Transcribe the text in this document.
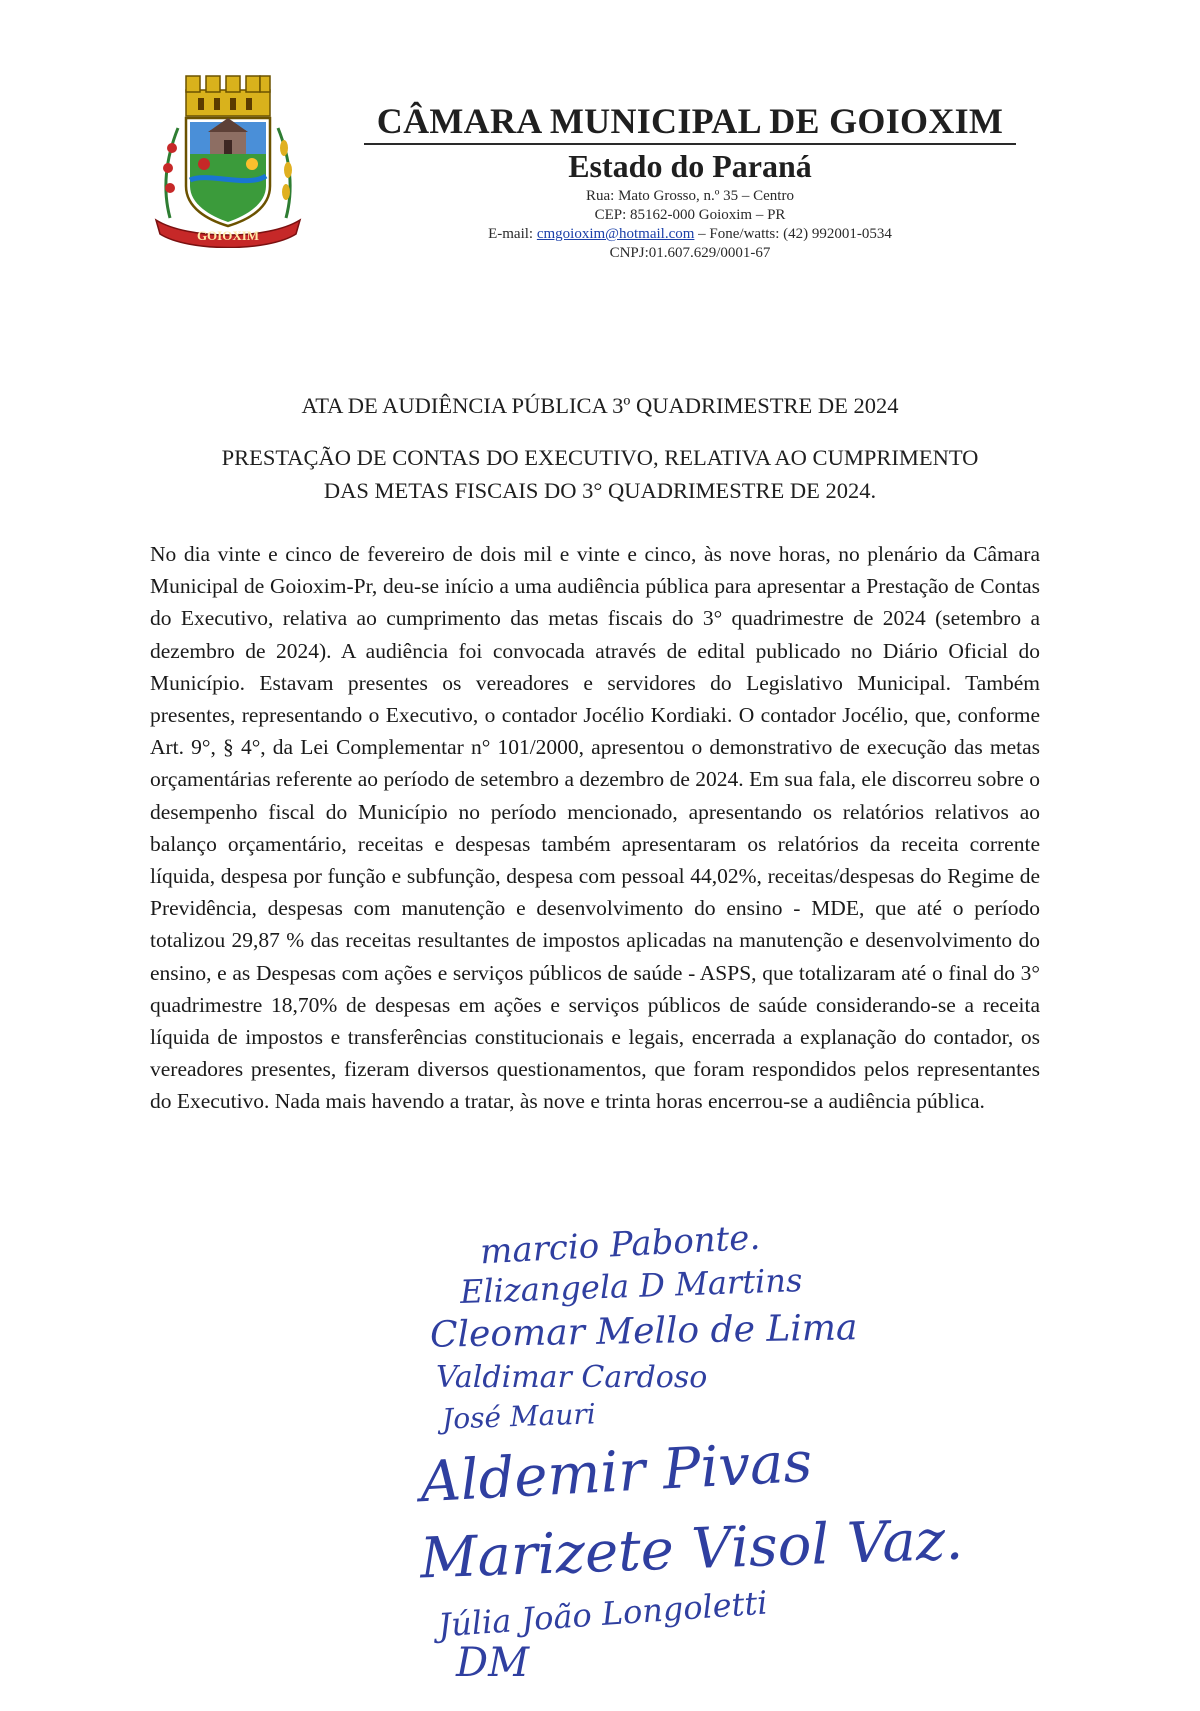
GOIOXIM
CÂMARA MUNICIPAL DE GOIOXIM
Estado do Paraná
Rua: Mato Grosso, n.º 35 – Centro
CEP: 85162-000 Goioxim – PR
E-mail: cmgoioxim@hotmail.com – Fone/watts: (42) 992001-0534
CNPJ:01.607.629/0001-67
ATA DE AUDIÊNCIA PÚBLICA 3º QUADRIMESTRE DE 2024
PRESTAÇÃO DE CONTAS DO EXECUTIVO, RELATIVA AO CUMPRIMENTO
DAS METAS FISCAIS DO 3° QUADRIMESTRE DE 2024.
No dia vinte e cinco de fevereiro de dois mil e vinte e cinco, às nove horas, no plenário da Câmara Municipal de Goioxim-Pr, deu-se início a uma audiência pública para apresentar a Prestação de Contas do Executivo, relativa ao cumprimento das metas fiscais do 3° quadrimestre de 2024 (setembro a dezembro de 2024). A audiência foi convocada através de edital publicado no Diário Oficial do Município. Estavam presentes os vereadores e servidores do Legislativo Municipal. Também presentes, representando o Executivo, o contador Jocélio Kordiaki. O contador Jocélio, que, conforme Art. 9°, § 4°, da Lei Complementar n° 101/2000, apresentou o demonstrativo de execução das metas orçamentárias referente ao período de setembro a dezembro de 2024. Em sua fala, ele discorreu sobre o desempenho fiscal do Município no período mencionado, apresentando os relatórios relativos ao balanço orçamentário, receitas e despesas também apresentaram os relatórios da receita corrente líquida, despesa por função e subfunção, despesa com pessoal 44,02%, receitas/despesas do Regime de Previdência, despesas com manutenção e desenvolvimento do ensino - MDE, que até o período totalizou 29,87 % das receitas resultantes de impostos aplicadas na manutenção e desenvolvimento do ensino, e as Despesas com ações e serviços públicos de saúde - ASPS, que totalizaram até o final do 3° quadrimestre 18,70% de despesas em ações e serviços públicos de saúde considerando-se a receita líquida de impostos e transferências constitucionais e legais, encerrada a explanação do contador, os vereadores presentes, fizeram diversos questionamentos, que foram respondidos pelos representantes do Executivo. Nada mais havendo a tratar, às nove e trinta horas encerrou-se a audiência pública.
marcio Pabonte.
Elizangela D Martins
Cleomar Mello de Lima
Valdimar Cardoso
José Mauri
Aldemir Pivas
Marizete Visol Vaz.
Júlia João Longoletti
DM
